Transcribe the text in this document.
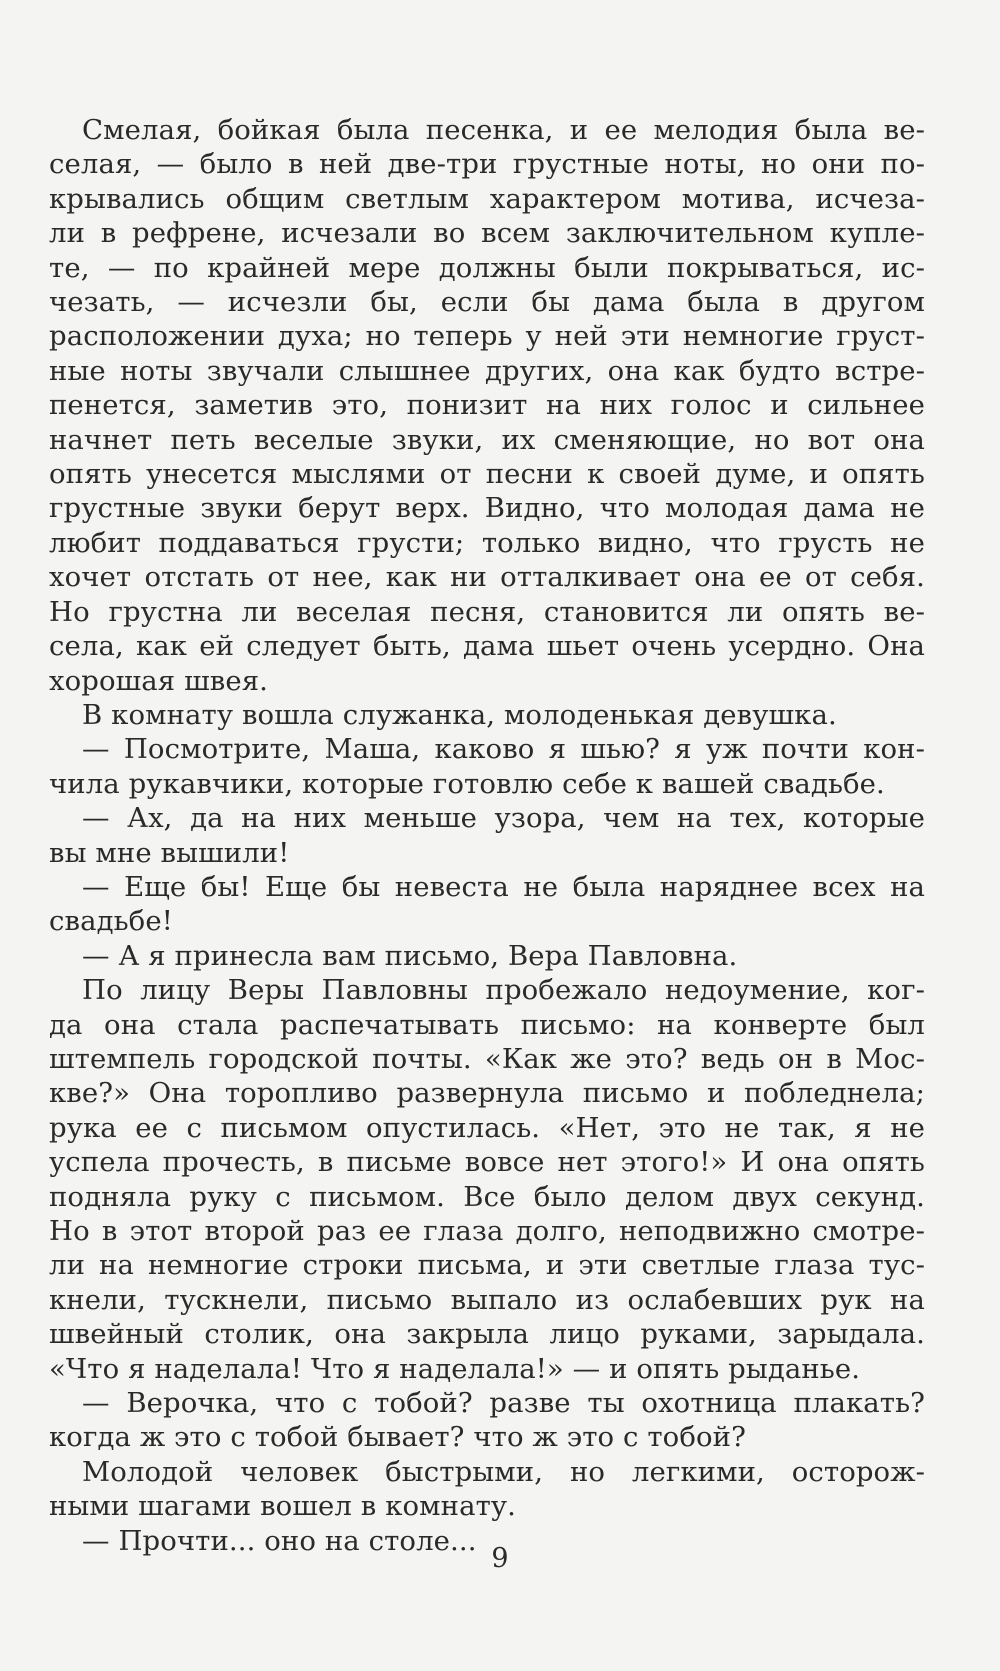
Смелая, бойкая была песенка, и ее мелодия была ве-
селая, — было в ней две-три грустные ноты, но они по-
крывались общим светлым характером мотива, исчеза-
ли в рефрене, исчезали во всем заключительном купле-
те, — по крайней мере должны были покрываться, ис-
чезать, — исчезли бы, если бы дама была в другом
расположении духа; но теперь у ней эти немногие груст-
ные ноты звучали слышнее других, она как будто встре-
пенется, заметив это, понизит на них голос и сильнее
начнет петь веселые звуки, их сменяющие, но вот она
опять унесется мыслями от песни к своей думе, и опять
грустные звуки берут верх. Видно, что молодая дама не
любит поддаваться грусти; только видно, что грусть не
хочет отстать от нее, как ни отталкивает она ее от себя.
Но грустна ли веселая песня, становится ли опять ве-
села, как ей следует быть, дама шьет очень усердно. Она
хорошая швея.
В комнату вошла служанка, молоденькая девушка.
— Посмотрите, Маша, каково я шью? я уж почти кон-
чила рукавчики, которые готовлю себе к вашей свадьбе.
— Ах, да на них меньше узора, чем на тех, которые
вы мне вышили!
— Еще бы! Еще бы невеста не была наряднее всех на
свадьбе!
— А я принесла вам письмо, Вера Павловна.
По лицу Веры Павловны пробежало недоумение, ког-
да она стала распечатывать письмо: на конверте был
штемпель городской почты. «Как же это? ведь он в Мос-
кве?» Она торопливо развернула письмо и побледнела;
рука ее с письмом опустилась. «Нет, это не так, я не
успела прочесть, в письме вовсе нет этого!» И она опять
подняла руку с письмом. Все было делом двух секунд.
Но в этот второй раз ее глаза долго, неподвижно смотре-
ли на немногие строки письма, и эти светлые глаза тус-
кнели, тускнели, письмо выпало из ослабевших рук на
швейный столик, она закрыла лицо руками, зарыдала.
«Что я наделала! Что я наделала!» — и опять рыданье.
— Верочка, что с тобой? разве ты охотница плакать?
когда ж это с тобой бывает? что ж это с тобой?
Молодой человек быстрыми, но легкими, осторож-
ными шагами вошел в комнату.
— Прочти... оно на столе...
9
